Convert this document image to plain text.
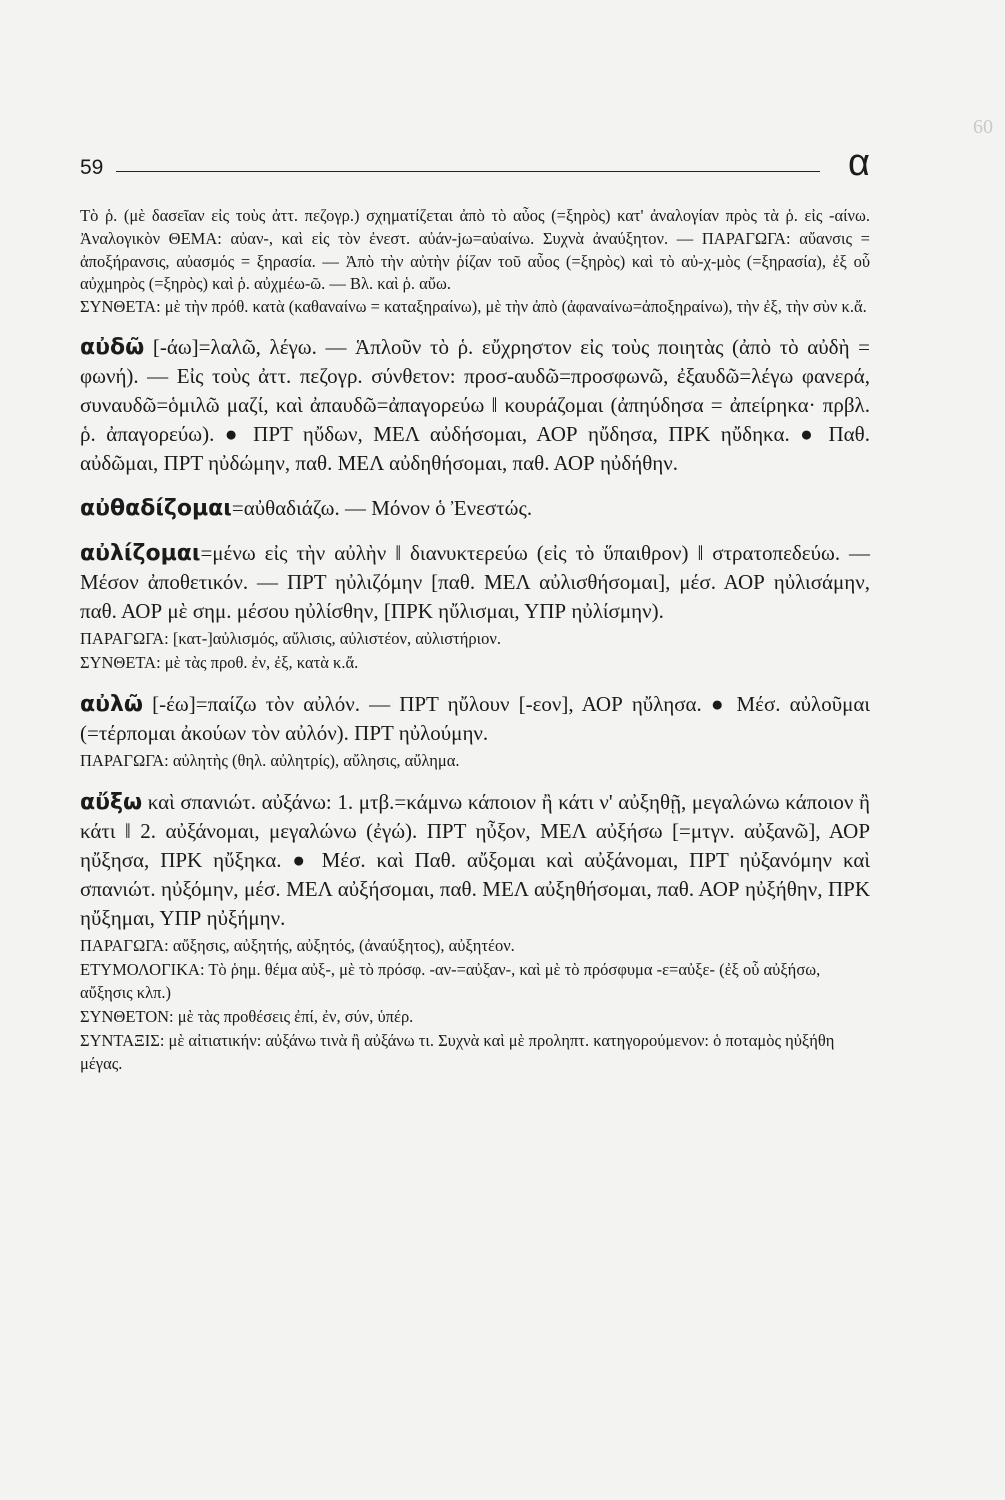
60
59	α
Τὸ ῥ. (μὲ δασεῖαν εἰς τοὺς ἀττ. πεζογρ.) σχηματίζεται ἀπὸ τὸ αὖος (=ξηρὸς) κατ' ἀναλογίαν πρὸς τὰ ῥ. εἰς -αίνω. Ἀναλογικὸν ΘΕΜΑ: αὐαν-, καὶ εἰς τὸν ἐνεστ. αὐάν-jω=αὐαίνω. Συχνὰ ἀναύξητον. — ΠΑΡΑΓΩΓΑ: αὔανσις = ἀποξήρανσις, αὐασμός = ξηρασία. — Ἀπὸ τὴν αὐτὴν ῥίζαν τοῦ αὖος (=ξηρὸς) καὶ τὸ αὐ-χ-μὸς (=ξηρασία), ἐξ οὗ αὐχμηρὸς (=ξηρὸς) καὶ ῥ. αὐχμέω-ῶ. — Βλ. καὶ ῥ. αὔω.
ΣΥΝΘΕΤΑ: μὲ τὴν πρόθ. κατὰ (καθαναίνω = καταξηραίνω), μὲ τὴν ἀπὸ (ἀφαναίνω=ἀποξηραίνω), τὴν ἐξ, τὴν σὺν κ.ἄ.
αὐδῶ [-άω]=λαλῶ, λέγω. — Ἁπλοῦν τὸ ῥ. εὔχρηστον εἰς τοὺς ποιητὰς (ἀπὸ τὸ αὐδὴ = φωνή). — Εἰς τοὺς ἀττ. πεζογρ. σύνθετον: προσ-αυδῶ=προσφωνῶ, ἐξαυδῶ=λέγω φανερά, συναυδῶ=ὁμιλῶ μαζί, καὶ ἀπαυδῶ=ἀπαγορεύω ‖ κουράζομαι (ἀπηύδησα = ἀπείρηκα· πρβλ. ῥ. ἀπαγορεύω). ● ΠΡΤ ηὔδων, ΜΕΛ αὐδήσομαι, ΑΟΡ ηὔδησα, ΠΡΚ ηὔδηκα. ● Παθ. αὐδῶμαι, ΠΡΤ ηὐδώμην, παθ. ΜΕΛ αὐδηθήσομαι, παθ. ΑΟΡ ηὐδήθην.
αὐθαδίζομαι=αὐθαδιάζω. — Μόνον ὁ Ἐνεστώς.
αὐλίζομαι=μένω εἰς τὴν αὐλὴν ‖ διανυκτερεύω (εἰς τὸ ὕπαιθρον) ‖ στρατοπεδεύω. — Μέσον ἀποθετικόν. — ΠΡΤ ηὐλιζόμην [παθ. ΜΕΛ αὐλισθήσομαι], μέσ. ΑΟΡ ηὐλισάμην, παθ. ΑΟΡ μὲ σημ. μέσου ηὐλίσθην, [ΠΡΚ ηὔλισμαι, ΥΠΡ ηὐλίσμην).
ΠΑΡΑΓΩΓΑ: [κατ-]αὐλισμός, αὔλισις, αὐλιστέον, αὐλιστήριον.
ΣΥΝΘΕΤΑ: μὲ τὰς προθ. ἐν, ἐξ, κατὰ κ.ἄ.
αὐλῶ [-έω]=παίζω τὸν αὐλόν. — ΠΡΤ ηὔλουν [-εον], ΑΟΡ ηὔλησα. ● Μέσ. αὐλοῦμαι (=τέρπομαι ἀκούων τὸν αὐλόν). ΠΡΤ ηὐλούμην.
ΠΑΡΑΓΩΓΑ: αὐλητὴς (θηλ. αὐλητρίς), αὔλησις, αὔλημα.
αὔξω καὶ σπανιώτ. αὐξάνω: 1. μτβ.=κάμνω κάποιον ἢ κάτι ν' αὐξηθῇ, μεγαλώνω κάποιον ἢ κάτι ‖ 2. αὐξάνομαι, μεγαλώνω (ἐγώ). ΠΡΤ ηὖξον, ΜΕΛ αὐξήσω [=μτγν. αὐξανῶ], ΑΟΡ ηὔξησα, ΠΡΚ ηὔξηκα. ● Μέσ. καὶ Παθ. αὔξομαι καὶ αὐξάνομαι, ΠΡΤ ηὐξανόμην καὶ σπανιώτ. ηὐξόμην, μέσ. ΜΕΛ αὐξήσομαι, παθ. ΜΕΛ αὐξηθήσομαι, παθ. ΑΟΡ ηὐξήθην, ΠΡΚ ηὔξημαι, ΥΠΡ ηὐξήμην.
ΠΑΡΑΓΩΓΑ: αὔξησις, αὐξητής, αὐξητός, (ἀναύξητος), αὐξητέον.
ΕΤΥΜΟΛΟΓΙΚΑ: Τὸ ῥημ. θέμα αὐξ-, μὲ τὸ πρόσφ. -αν-=αὐξαν-, καὶ μὲ τὸ πρόσφυμα -ε=αὐξε- (ἐξ οὗ αὐξήσω, αὔξησις κλπ.)
ΣΥΝΘΕΤΟΝ: μὲ τὰς προθέσεις ἐπί, ἐν, σύν, ὑπέρ.
ΣΥΝΤΑΞΙΣ: μὲ αἰτιατικήν: αὐξάνω τινὰ ἢ αὐξάνω τι. Συχνὰ καὶ μὲ προληπτ. κατηγορούμενον: ὁ ποταμὸς ηὐξήθη μέγας.
